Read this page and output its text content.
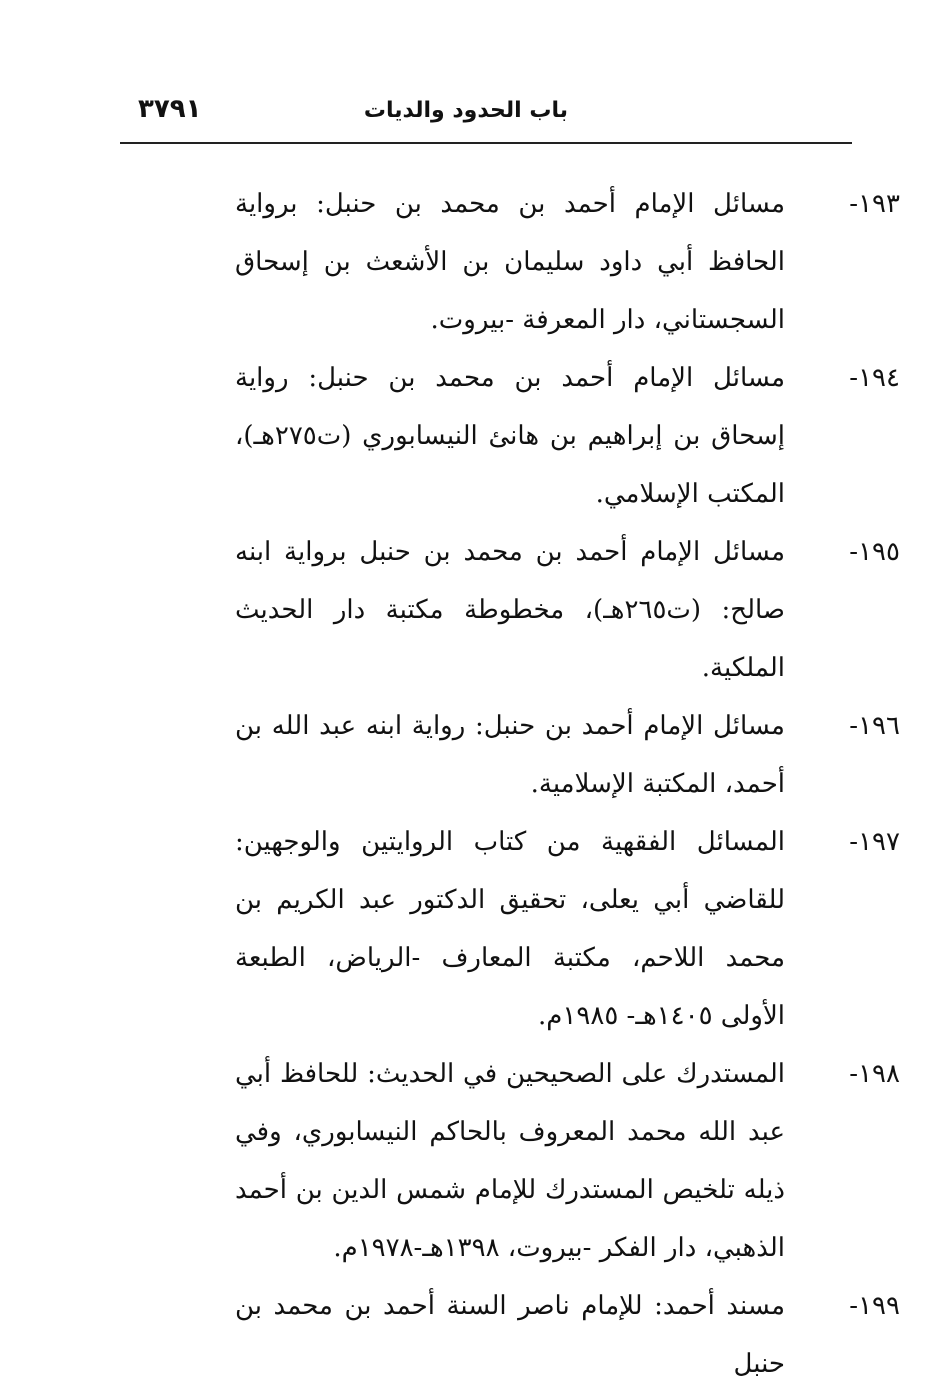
باب الحدود والديات
٣٧٩١
١٩٣-
مسائل الإمام أحمد بن محمد بن حنبل: برواية الحافظ أبي داود سليمان بن الأشعث بن إسحاق السجستاني، دار المعرفة -بيروت.
١٩٤-
مسائل الإمام أحمد بن محمد بن حنبل: رواية إسحاق بن إبراهيم بن هانئ النيسابوري (ت٢٧٥هـ)، المكتب الإسلامي.
١٩٥-
مسائل الإمام أحمد بن محمد بن حنبل برواية ابنه صالح: (ت٢٦٥هـ)، مخطوطة مكتبة دار الحديث الملكية.
١٩٦-
مسائل الإمام أحمد بن حنبل: رواية ابنه عبد الله بن أحمد، المكتبة الإسلامية.
١٩٧-
المسائل الفقهية من كتاب الروايتين والوجهين: للقاضي أبي يعلى، تحقيق الدكتور عبد الكريم بن محمد اللاحم، مكتبة المعارف -الرياض، الطبعة الأولى ١٤٠٥هـ- ١٩٨٥م.
١٩٨-
المستدرك على الصحيحين في الحديث: للحافظ أبي عبد الله محمد المعروف بالحاكم النيسابوري، وفي ذيله تلخيص المستدرك للإمام شمس الدين بن أحمد الذهبي، دار الفكر -بيروت، ١٣٩٨هـ-١٩٧٨م.
١٩٩-
مسند أحمد: للإمام ناصر السنة أحمد بن محمد بن حنبل
